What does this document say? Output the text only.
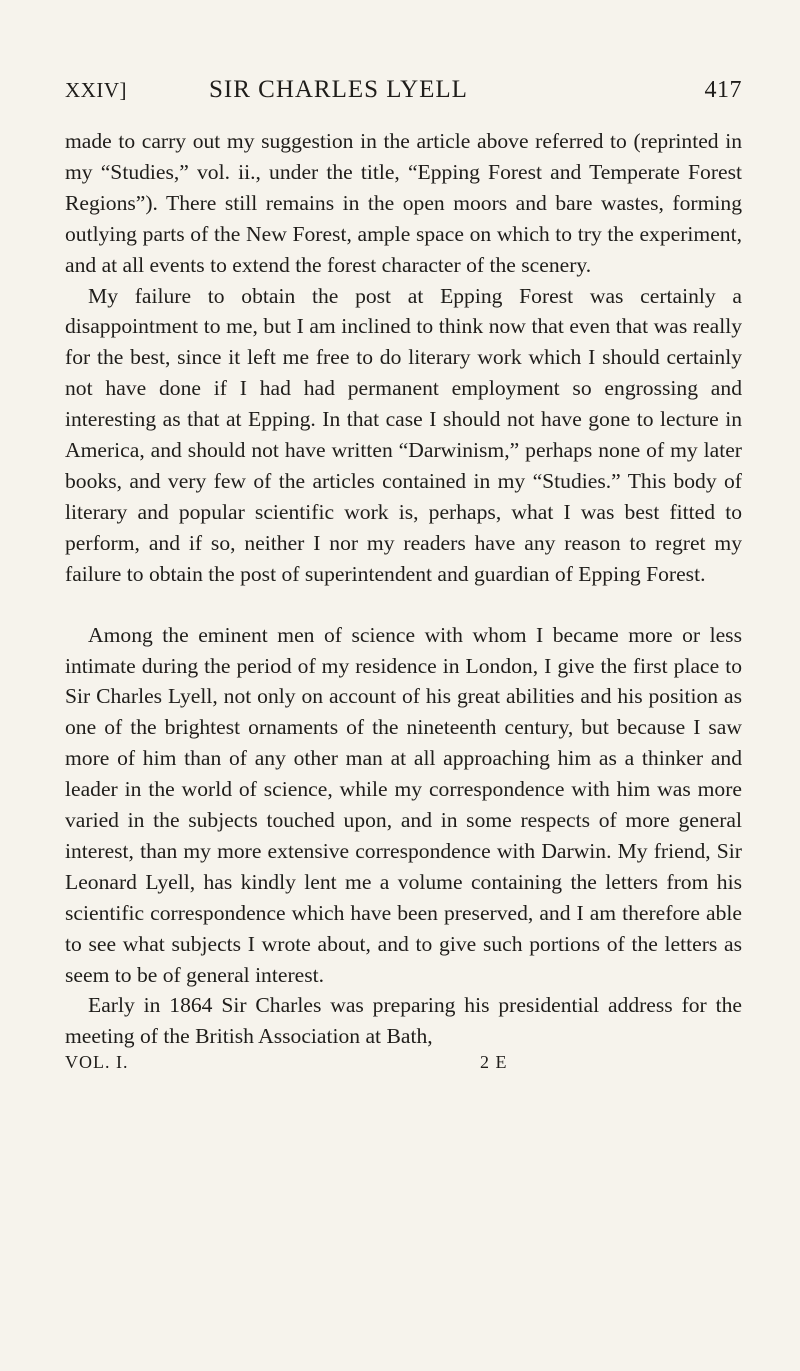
XXIV]	SIR CHARLES LYELL	417

made to carry out my suggestion in the article above referred to (reprinted in my “Studies,” vol. ii., under the title, “Epping Forest and Temperate Forest Regions”). There still remains in the open moors and bare wastes, forming outlying parts of the New Forest, ample space on which to try the experiment, and at all events to extend the forest character of the scenery.

My failure to obtain the post at Epping Forest was certainly a disappointment to me, but I am inclined to think now that even that was really for the best, since it left me free to do literary work which I should certainly not have done if I had had permanent employment so engrossing and interesting as that at Epping. In that case I should not have gone to lecture in America, and should not have written “Darwinism,” perhaps none of my later books, and very few of the articles contained in my “Studies.” This body of literary and popular scientific work is, perhaps, what I was best fitted to perform, and if so, neither I nor my readers have any reason to regret my failure to obtain the post of superintendent and guardian of Epping Forest.

Among the eminent men of science with whom I became more or less intimate during the period of my residence in London, I give the first place to Sir Charles Lyell, not only on account of his great abilities and his position as one of the brightest ornaments of the nineteenth century, but because I saw more of him than of any other man at all approaching him as a thinker and leader in the world of science, while my correspondence with him was more varied in the subjects touched upon, and in some respects of more general interest, than my more extensive correspondence with Darwin. My friend, Sir Leonard Lyell, has kindly lent me a volume containing the letters from his scientific correspondence which have been preserved, and I am therefore able to see what subjects I wrote about, and to give such portions of the letters as seem to be of general interest.

Early in 1864 Sir Charles was preparing his presidential address for the meeting of the British Association at Bath,

VOL. I.	2 E
